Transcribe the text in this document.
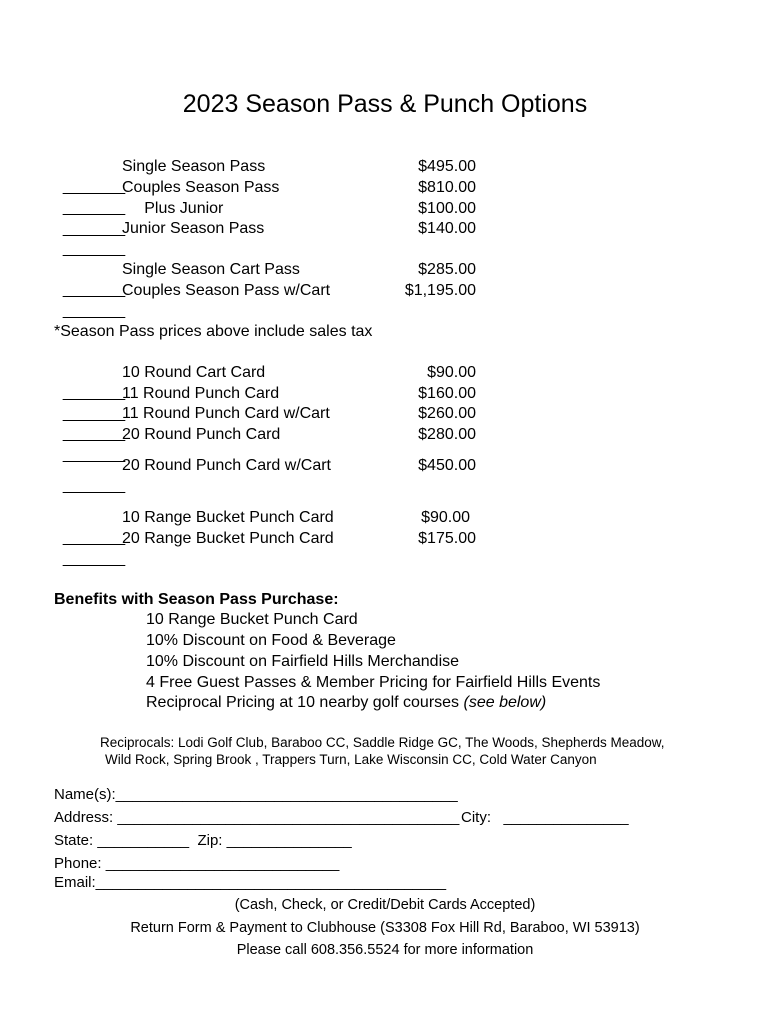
2023 Season Pass & Punch Options

_______

Single Season Pass	$495.00

_______

Couples Season Pass	$810.00

_______

Plus Junior	$100.00

_______

Junior Season Pass	$140.00

_______

Single Season Cart Pass	$285.00

_______

Couples Season Pass w/Cart	$1,195.00
*Season Pass prices above include sales tax

_______

10 Round Cart Card	$90.00

_______

11 Round Punch Card	$160.00

_______

11 Round Punch Card w/Cart	$260.00

_______

20 Round Punch Card	$280.00

_______

20 Round Punch Card w/Cart	$450.00

_______

10 Range Bucket Punch Card	$90.00

_______

20 Range Bucket Punch Card	$175.00
Benefits with Season Pass Purchase:
10 Range Bucket Punch Card
10% Discount on Food & Beverage
10% Discount on Fairfield Hills Merchandise
4 Free Guest Passes & Member Pricing for Fairfield Hills Events
Reciprocal Pricing at 10 nearby golf courses (see below)
Reciprocals: Lodi Golf Club, Baraboo CC, Saddle Ridge GC, The Woods, Shepherds Meadow,
Wild Rock, Spring Brook , Trappers Turn, Lake Wisconsin CC, Cold Water Canyon
Name(s):_________________________________________
Address: _________________________________________ City:   _______________
State: ___________  Zip: _______________
Phone: ____________________________
Email:__________________________________________
(Cash, Check, or Credit/Debit Cards Accepted)
Return Form & Payment to Clubhouse (S3308 Fox Hill Rd, Baraboo, WI 53913)
Please call 608.356.5524 for more information
